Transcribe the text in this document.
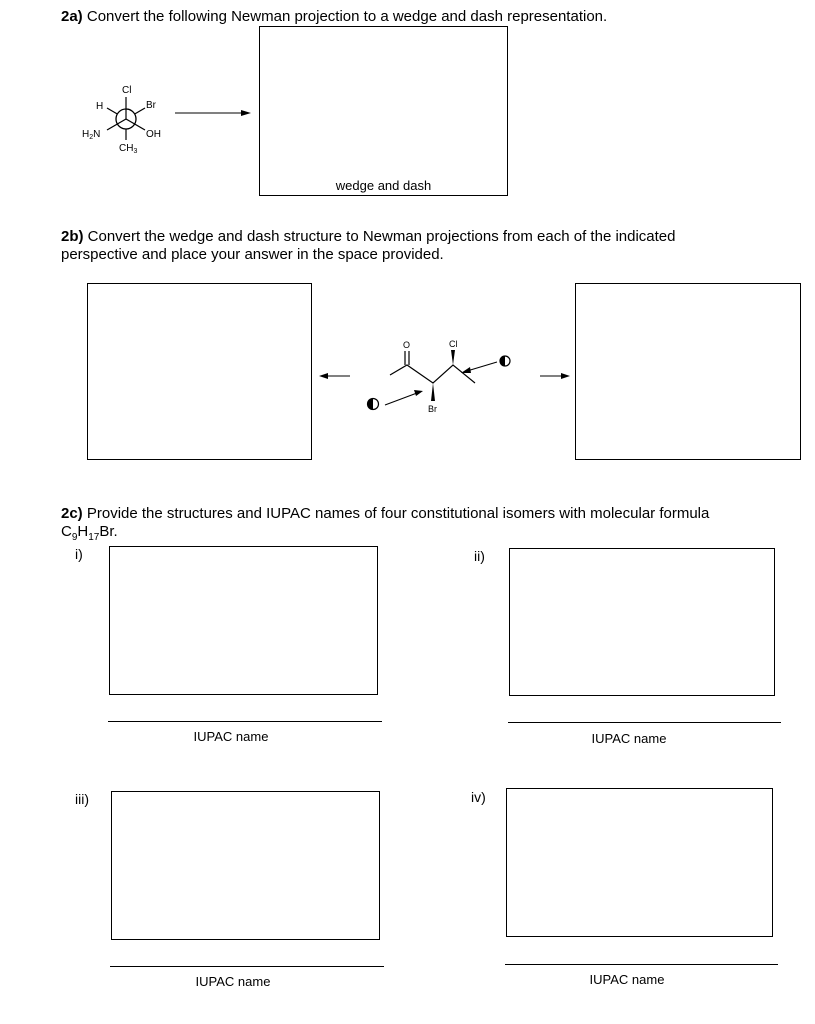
2a) Convert the following Newman projection to a wedge and dash representation.
Cl
H	Br
$H_2N$	OH
$CH_3$
wedge and dash
2b) Convert the wedge and dash structure to Newman projections from each of the indicated
perspective and place your answer in the space provided.
O
Br
Cl
2c) Provide the structures and IUPAC names of four constitutional isomers with molecular formula
$C_9H_{17}Br$.
i)
IUPAC name
ii)
IUPAC name
iii)
IUPAC name
iv)
IUPAC name
